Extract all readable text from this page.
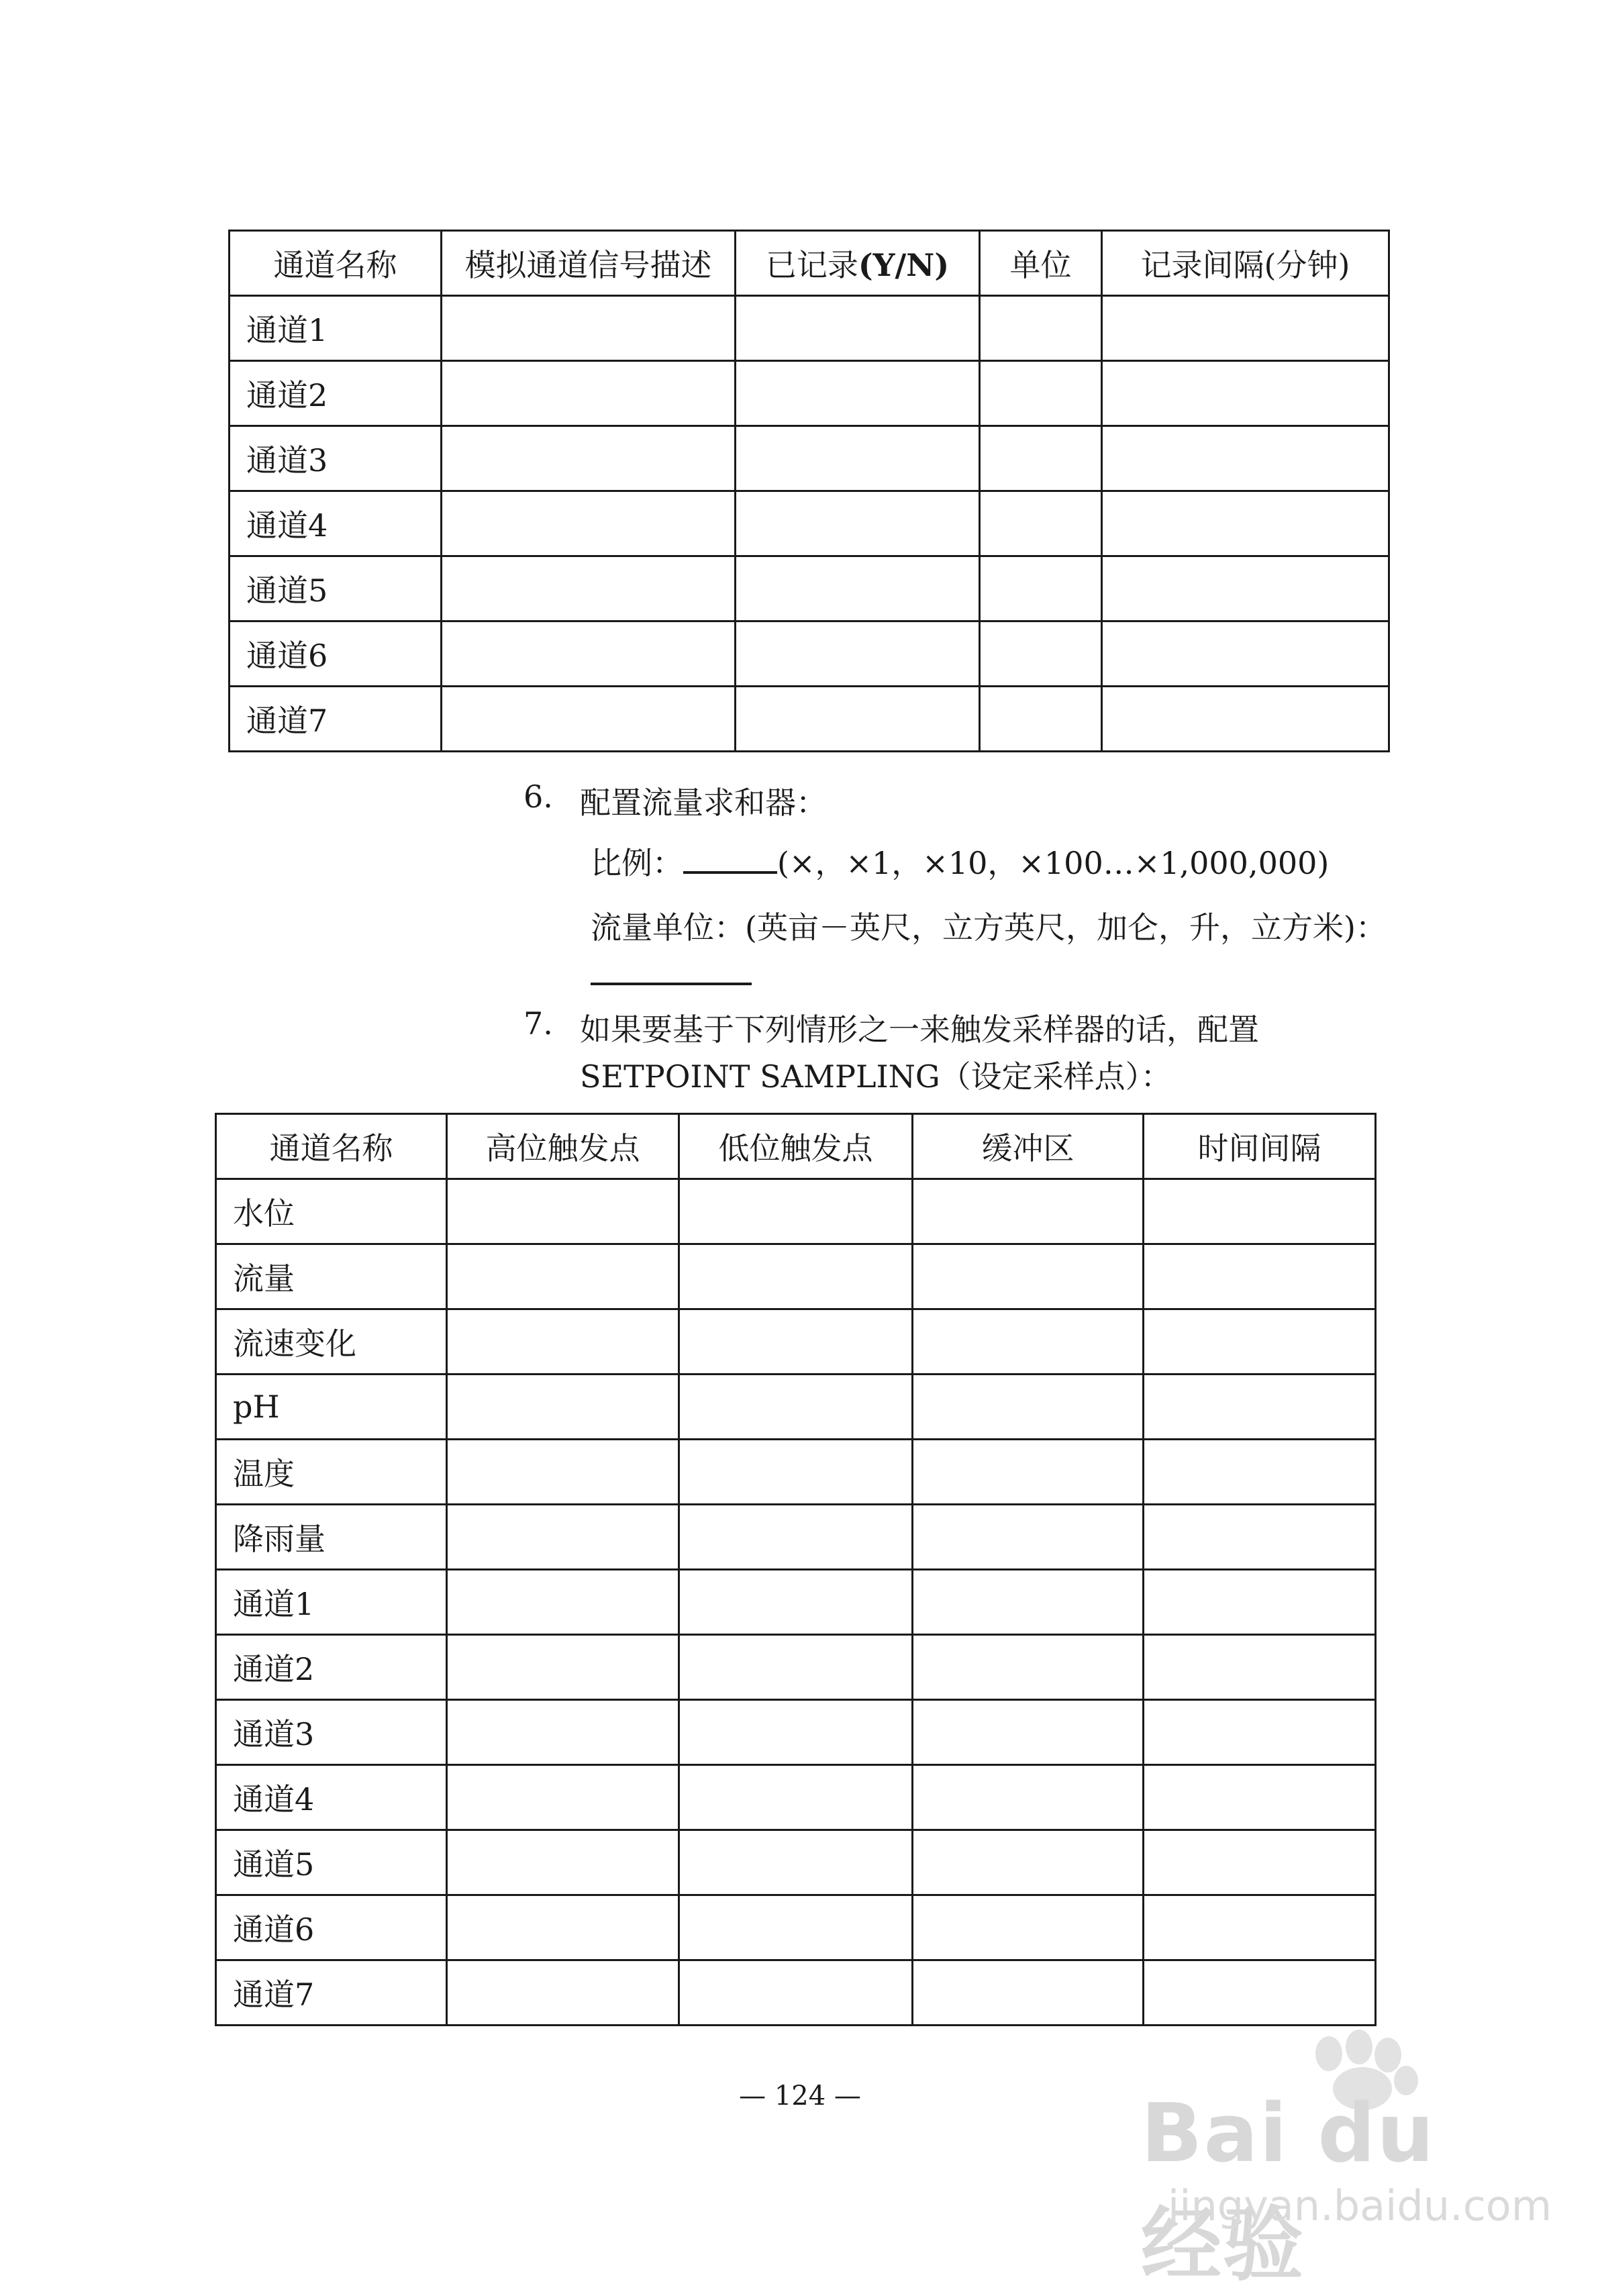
通道名称	模拟通道信号描述	已记录(Y/N)	单位	记录间隔(分钟)
通道1				
通道2				
通道3				
通道4				
通道5				
通道6				
通道7				
6. 配置流量求和器：
比例：	(×，×1，×10，×100…×1,000,000)
流量单位：(英亩－英尺，立方英尺，加仑，升，立方米)：
7. 如果要基于下列情形之一来触发采样器的话，配置
SETPOINT SAMPLING（设定采样点）：
通道名称	高位触发点	低位触发点	缓冲区	时间间隔
水位				
流量				
流速变化				
pH				
温度				
降雨量				
通道1				
通道2				
通道3				
通道4				
通道5				
通道6				
通道7				
— 124 —	Bai du 经验
jingyan.baidu.com
